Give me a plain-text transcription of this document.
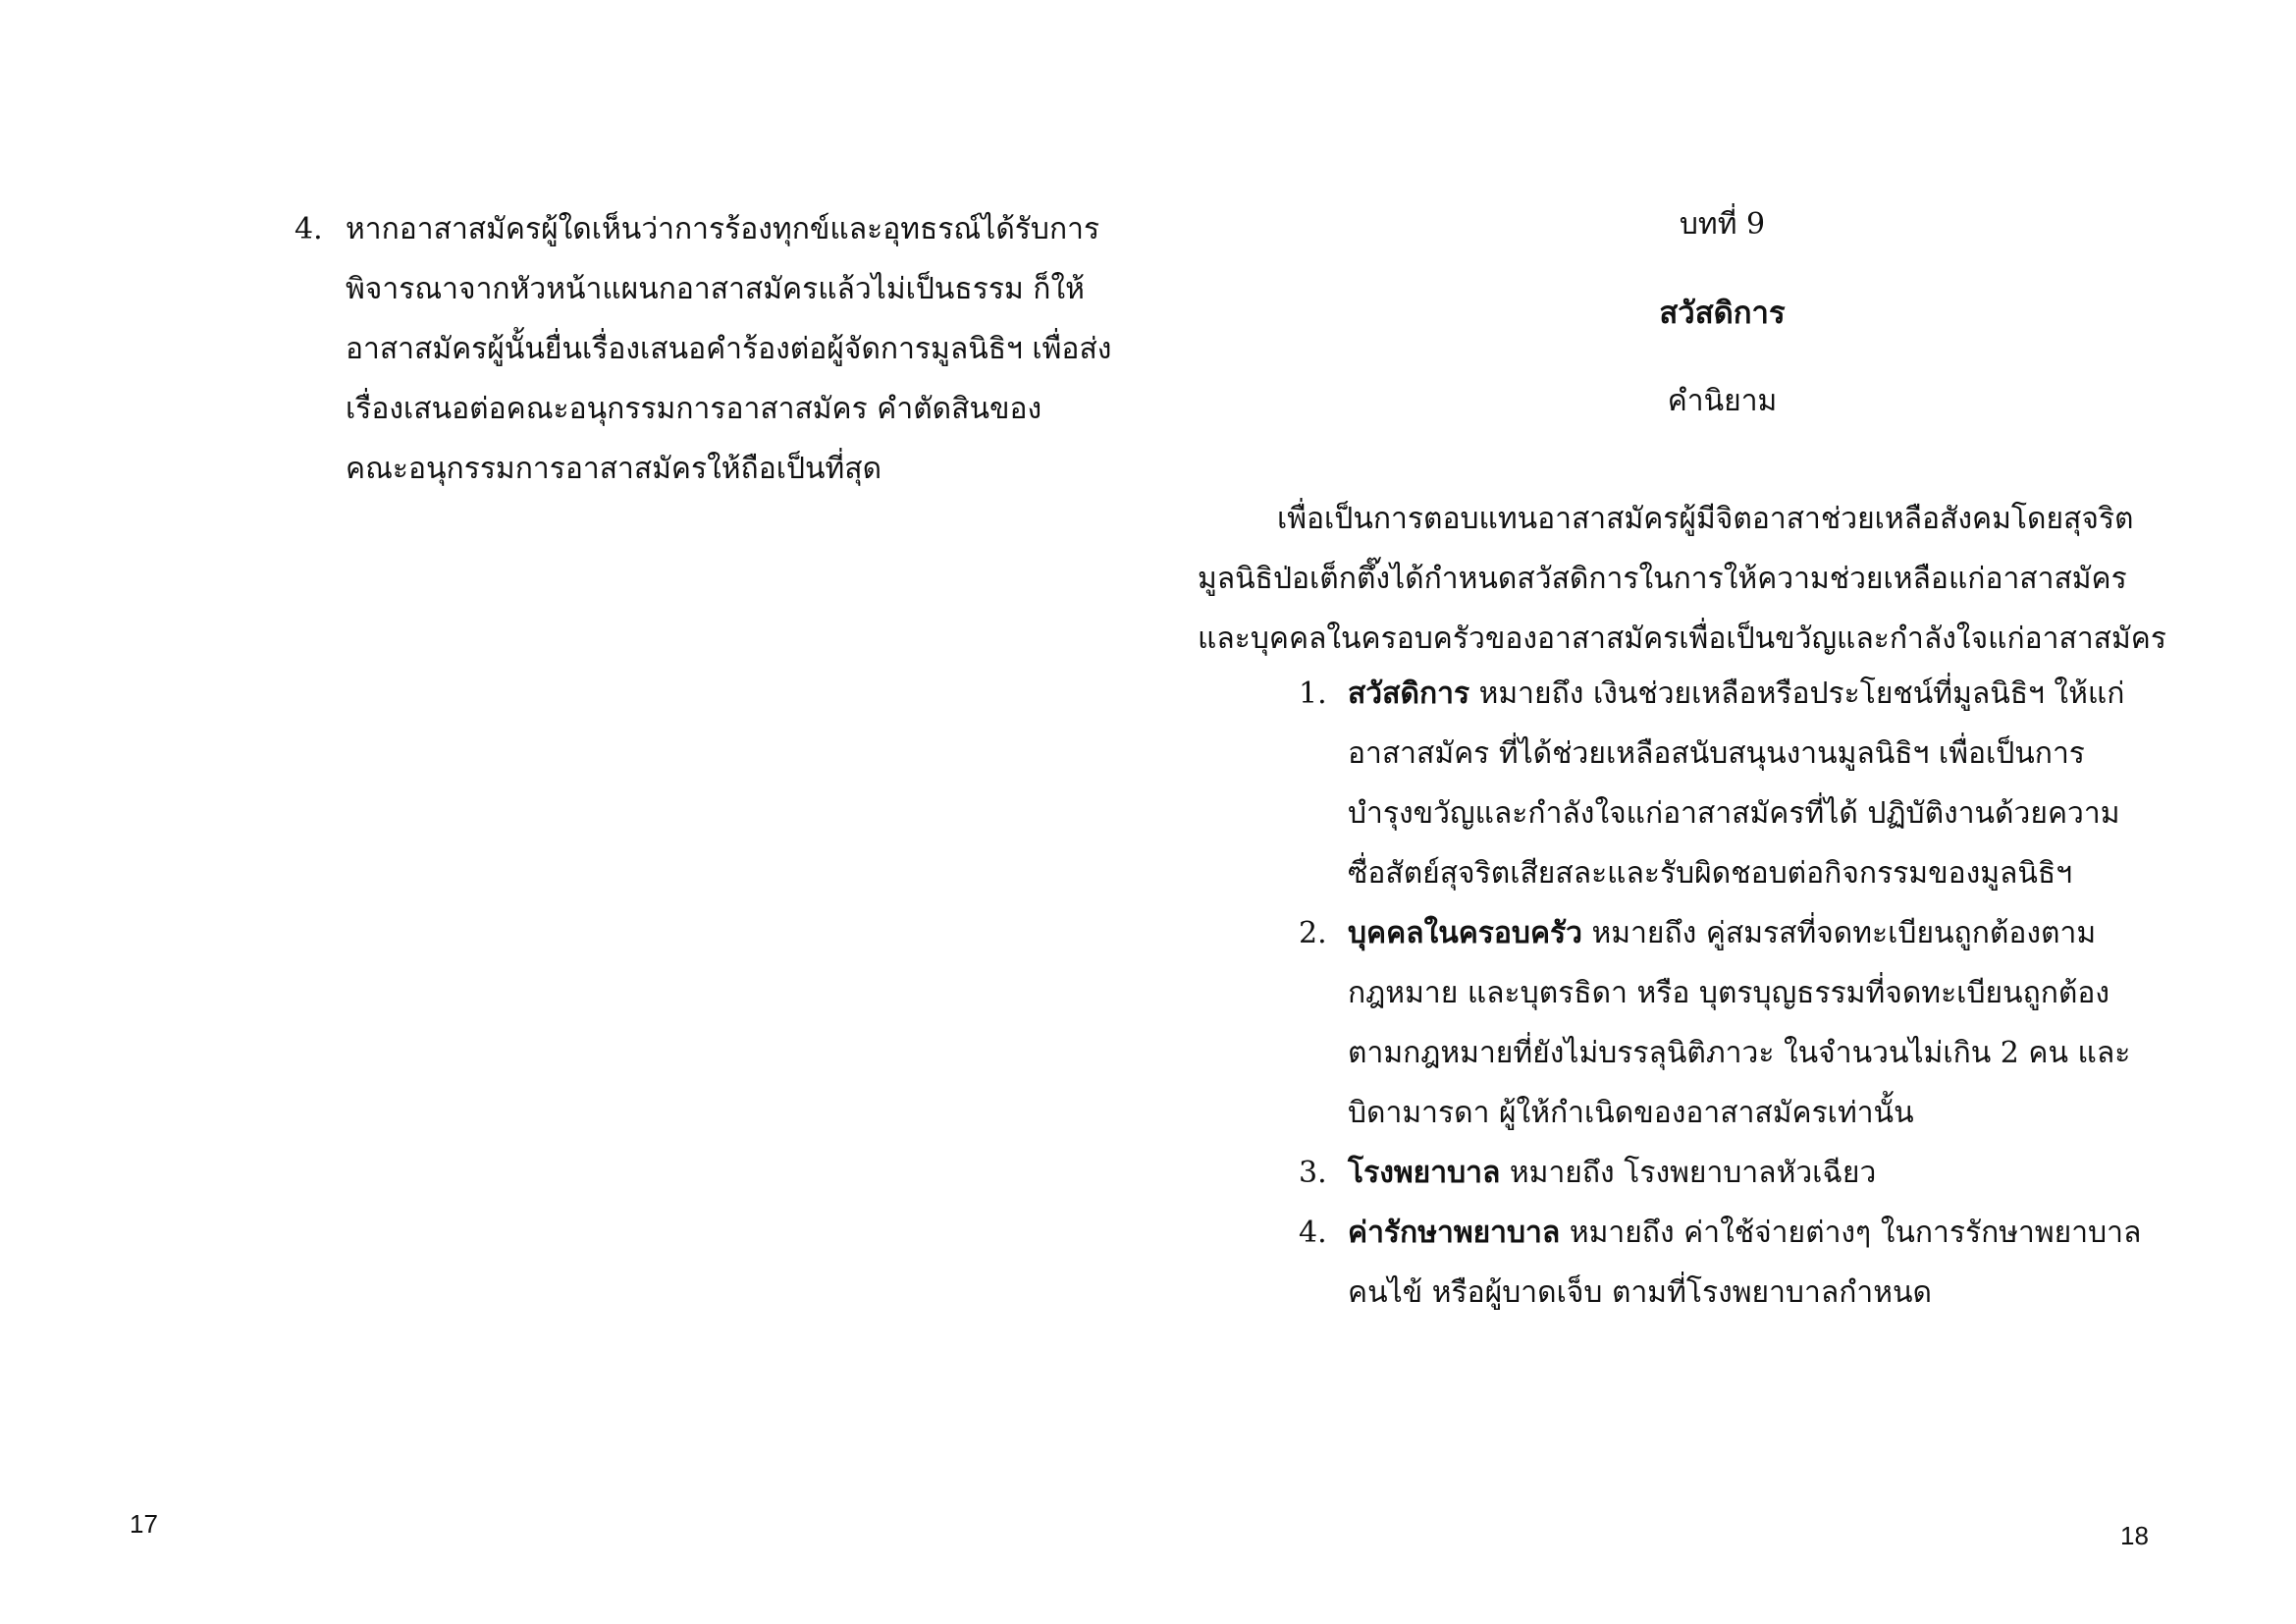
4. หากอาสาสมัครผู้ใดเห็นว่าการร้องทุกข์และอุทธรณ์ได้รับการ
พิจารณาจากหัวหน้าแผนกอาสาสมัครแล้วไม่เป็นธรรม ก็ให้
อาสาสมัครผู้นั้นยื่นเรื่องเสนอคำร้องต่อผู้จัดการมูลนิธิฯ เพื่อส่ง
เรื่องเสนอต่อคณะอนุกรรมการอาสาสมัคร คำตัดสินของ
คณะอนุกรรมการอาสาสมัครให้ถือเป็นที่สุด
17
บทที่ 9
สวัสดิการ
คำนิยาม
เพื่อเป็นการตอบแทนอาสาสมัครผู้มีจิตอาสาช่วยเหลือสังคมโดยสุจริต
มูลนิธิป่อเต็กตึ๊งได้กำหนดสวัสดิการในการให้ความช่วยเหลือแก่อาสาสมัคร
และบุคคลในครอบครัวของอาสาสมัครเพื่อเป็นขวัญและกำลังใจแก่อาสาสมัคร
1. สวัสดิการ หมายถึง เงินช่วยเหลือหรือประโยชน์ที่มูลนิธิฯ ให้แก่
อาสาสมัคร ที่ได้ช่วยเหลือสนับสนุนงานมูลนิธิฯ เพื่อเป็นการ
บำรุงขวัญและกำลังใจแก่อาสาสมัครที่ได้ ปฏิบัติงานด้วยความ
ซื่อสัตย์สุจริตเสียสละและรับผิดชอบต่อกิจกรรมของมูลนิธิฯ
2. บุคคลในครอบครัว หมายถึง คู่สมรสที่จดทะเบียนถูกต้องตาม
กฎหมาย และบุตรธิดา หรือ บุตรบุญธรรมที่จดทะเบียนถูกต้อง
ตามกฎหมายที่ยังไม่บรรลุนิติภาวะ ในจำนวนไม่เกิน 2 คน และ
บิดามารดา ผู้ให้กำเนิดของอาสาสมัครเท่านั้น
3. โรงพยาบาล หมายถึง โรงพยาบาลหัวเฉียว
4. ค่ารักษาพยาบาล หมายถึง ค่าใช้จ่ายต่างๆ ในการรักษาพยาบาล
คนไข้ หรือผู้บาดเจ็บ ตามที่โรงพยาบาลกำหนด
18
